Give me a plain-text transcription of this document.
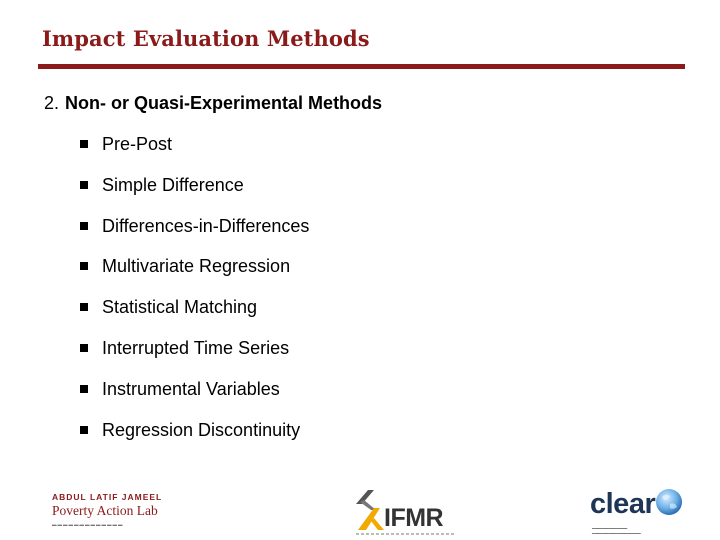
Impact Evaluation Methods
2. Non- or Quasi-Experimental Methods
Pre-Post
Simple Difference
Differences-in-Differences
Multivariate Regression
Statistical Matching
Interrupted Time Series
Instrumental Variables
Regression Discontinuity
ABDUL LATIF JAMEEL
Poverty Action Lab
▬▬▬▬▬▬▬▬▬▬▬▬▬	IFMR	clear
━━━━━━━━━━━━━
━━━━━━━━━━━━━━━━━━
